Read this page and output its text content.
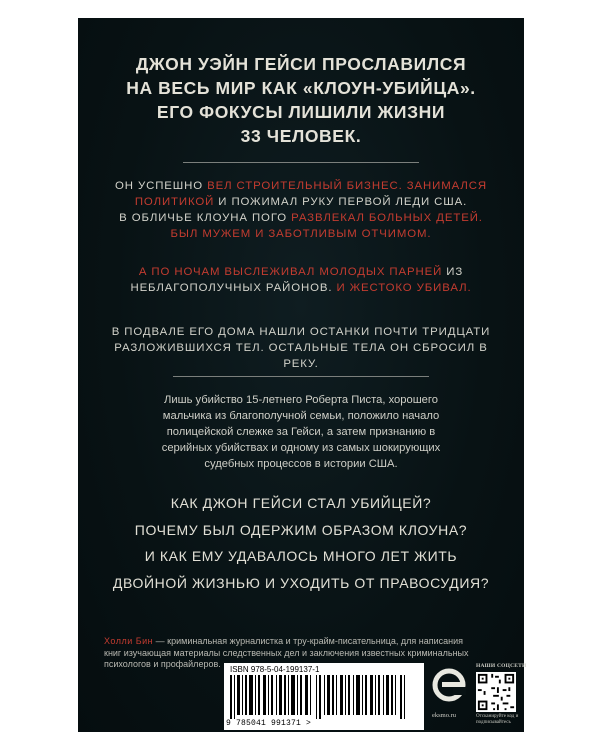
ДЖОН УЭЙН ГЕЙСИ ПРОСЛАВИЛСЯ
НА ВЕСЬ МИР КАК «КЛОУН-УБИЙЦА».
ЕГО ФОКУСЫ ЛИШИЛИ ЖИЗНИ
33 ЧЕЛОВЕК.
ОН УСПЕШНО ВЕЛ СТРОИТЕЛЬНЫЙ БИЗНЕС. ЗАНИМАЛСЯ ПОЛИТИКОЙ И ПОЖИМАЛ РУКУ ПЕРВОЙ ЛЕДИ США.
В ОБЛИЧЬЕ КЛОУНА ПОГО РАЗВЛЕКАЛ БОЛЬНЫХ ДЕТЕЙ. БЫЛ МУЖЕМ И ЗАБОТЛИВЫМ ОТЧИМОМ.
А ПО НОЧАМ ВЫСЛЕЖИВАЛ МОЛОДЫХ ПАРНЕЙ ИЗ НЕБЛАГОПОЛУЧНЫХ РАЙОНОВ. И ЖЕСТОКО УБИВАЛ.
В ПОДВАЛЕ ЕГО ДОМА НАШЛИ ОСТАНКИ ПОЧТИ ТРИДЦАТИ
РАЗЛОЖИВШИХСЯ ТЕЛ. ОСТАЛЬНЫЕ ТЕЛА ОН СБРОСИЛ В РЕКУ.
Лишь убийство 15-летнего Роберта Писта, хорошего
мальчика из благополучной семьи, положило начало
полицейской слежке за Гейси, а затем признанию в
серийных убийствах и одному из самых шокирующих
судебных процессов в истории США.
КАК ДЖОН ГЕЙСИ СТАЛ УБИЙЦЕЙ?
ПОЧЕМУ БЫЛ ОДЕРЖИМ ОБРАЗОМ КЛОУНА?
И КАК ЕМУ УДАВАЛОСЬ МНОГО ЛЕТ ЖИТЬ
ДВОЙНОЙ ЖИЗНЬЮ И УХОДИТЬ ОТ ПРАВОСУДИЯ?
Холли Бин — криминальная журналистка и тру-крайм-писательница, для написания
книг изучающая материалы следственных дел и заключения известных криминальных
психологов и профайлеров.
ISBN 978-5-04-199137-1
9 785041 991371 >
eksmo.ru
НАШИ СОЦСЕТИ
Отсканируйте код и подписывайтесь
